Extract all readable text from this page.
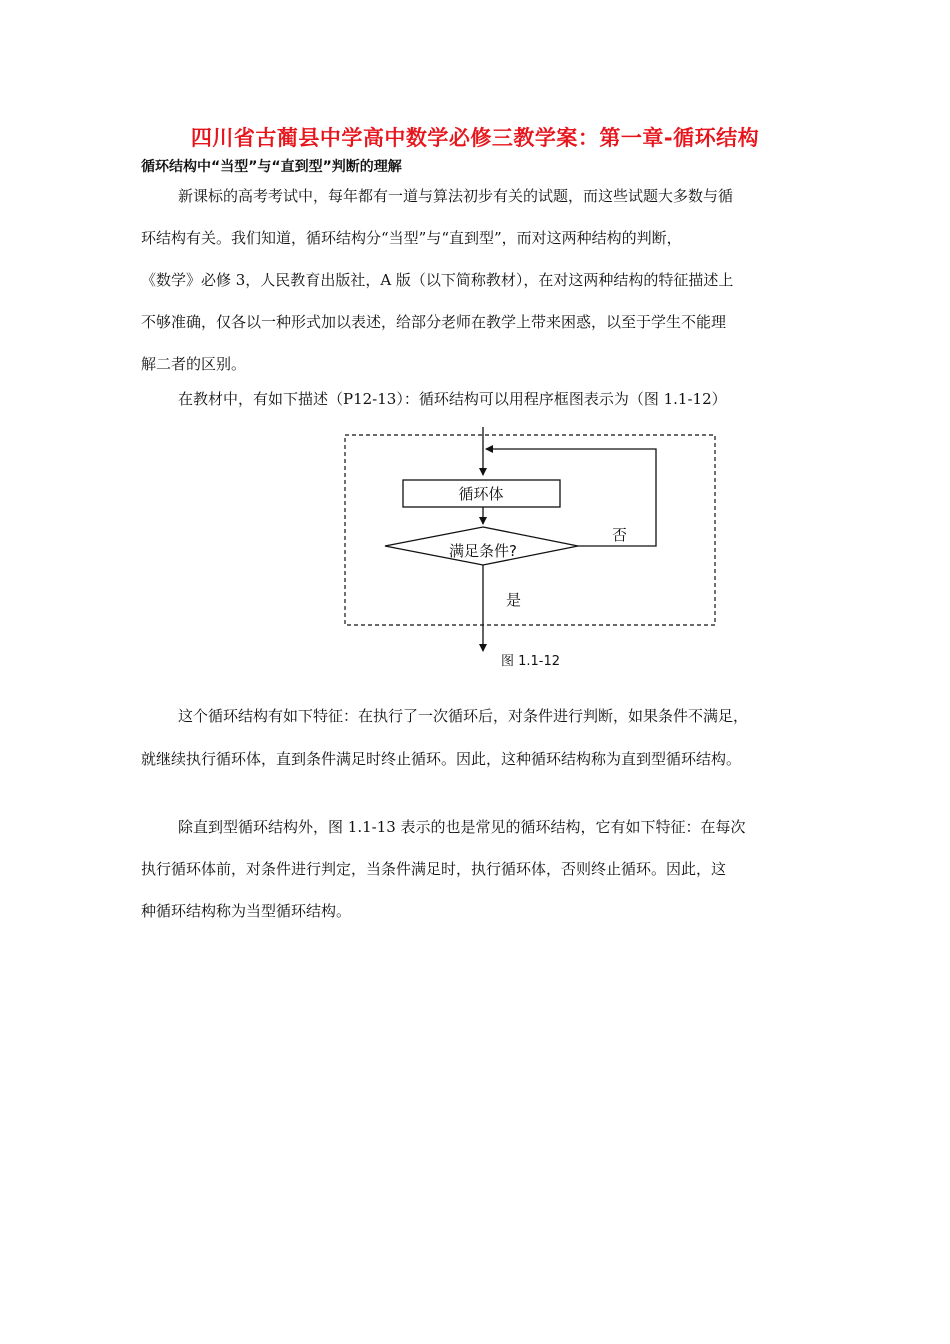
四川省古蔺县中学高中数学必修三教学案：第一章-循环结构
循环结构中“当型”与“直到型”判断的理解
新课标的高考考试中，每年都有一道与算法初步有关的试题，而这些试题大多数与循
环结构有关。我们知道，循环结构分“当型”与“直到型”，而对这两种结构的判断，
《数学》必修 3，人民教育出版社，A 版（以下简称教材），在对这两种结构的特征描述上
不够准确，仅各以一种形式加以表述，给部分老师在教学上带来困惑，以至于学生不能理
解二者的区别。
在教材中，有如下描述（P12-13）：循环结构可以用程序框图表示为（图 1.1-12）
循环体
满足条件?
否
是
图 1.1-12
这个循环结构有如下特征：在执行了一次循环后，对条件进行判断，如果条件不满足，
就继续执行循环体，直到条件满足时终止循环。因此，这种循环结构称为直到型循环结构。
除直到型循环结构外，图 1.1-13 表示的也是常见的循环结构，它有如下特征：在每次
执行循环体前，对条件进行判定，当条件满足时，执行循环体，否则终止循环。因此，这
种循环结构称为当型循环结构。
